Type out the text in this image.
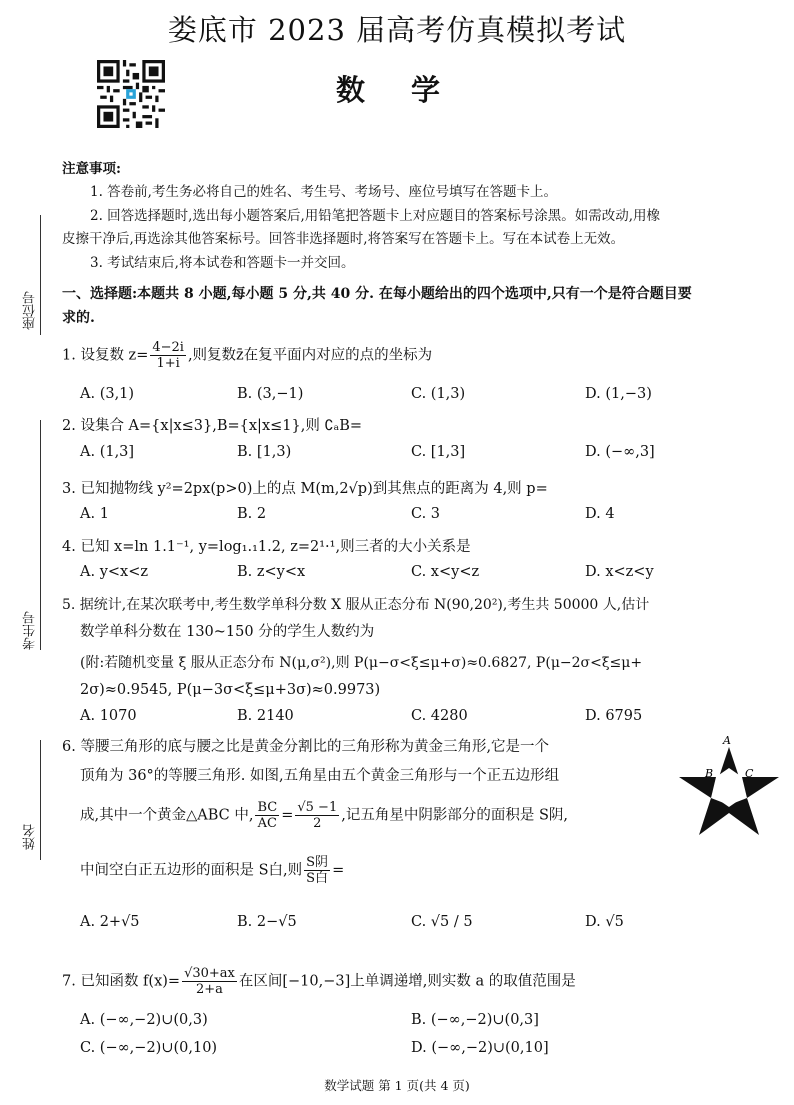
娄底市 2023 届高考仿真模拟考试
数 学
座位号
考生号
姓名
注意事项:
1. 答卷前,考生务必将自己的姓名、考生号、考场号、座位号填写在答题卡上。
2. 回答选择题时,选出每小题答案后,用铅笔把答题卡上对应题目的答案标号涂黑。如需改动,用橡
皮擦干净后,再选涂其他答案标号。回答非选择题时,将答案写在答题卡上。写在本试卷上无效。
3. 考试结束后,将本试卷和答题卡一并交回。
一、选择题:本题共 8 小题,每小题 5 分,共 40 分. 在每小题给出的四个选项中,只有一个是符合题目要
求的.
1. 设复数 $z= \frac{4-2i}{1+i}$ ,则复数z̄在复平面内对应的点的坐标为
A. (3,1)	B. (3,−1)	C. (1,3)	D. (1,−3)
2. 设集合 A={x|x≤3},B={x|x≤1},则 ∁ₐB=
A. (1,3]	B. [1,3)	C. [1,3]	D. (−∞,3]
3. 已知抛物线 y²=2px(p>0)上的点 M(m,2√p)到其焦点的距离为 4,则 p=
A. 1	B. 2	C. 3	D. 4
4. 已知 x=ln 1.1⁻¹, y=log₁.₁1.2, z=2¹·¹,则三者的大小关系是
A. y<x<z	B. z<y<x	C. x<y<z	D. x<z<y
5. 据统计,在某次联考中,考生数学单科分数 X 服从正态分布 N(90,20²),考生共 50000 人,估计
数学单科分数在 130~150 分的学生人数约为
(附:若随机变量 ξ 服从正态分布 N(μ,σ²),则 P(μ−σ<ξ≤μ+σ)≈0.6827, P(μ−2σ<ξ≤μ+
2σ)≈0.9545, P(μ−3σ<ξ≤μ+3σ)≈0.9973)
A. 1070	B. 2140	C. 4280	D. 6795
6. 等腰三角形的底与腰之比是黄金分割比的三角形称为黄金三角形,它是一个
顶角为 36°的等腰三角形. 如图,五角星由五个黄金三角形与一个正五边形组
成,其中一个黄金△ABC 中, $\frac{BC}{AC} = \frac{√5 -1}{2}$ ,记五角星中阴影部分的面积是 S阴,
中间空白正五边形的面积是 S白,则 $\frac{\text{S阴}}{\text{S白}}$ =
A. 2+√5	B. 2−√5	C. √5 / 5	D. √5
7. 已知函数 $f(x)= \frac{√30+ax}{2+a}$ 在区间[−10,−3]上单调递增,则实数 a 的取值范围是
A. (−∞,−2)∪(0,3)	B. (−∞,−2)∪(0,3]
C. (−∞,−2)∪(0,10)	D. (−∞,−2)∪(0,10]
A
B	C
数学试题 第 1 页(共 4 页)
